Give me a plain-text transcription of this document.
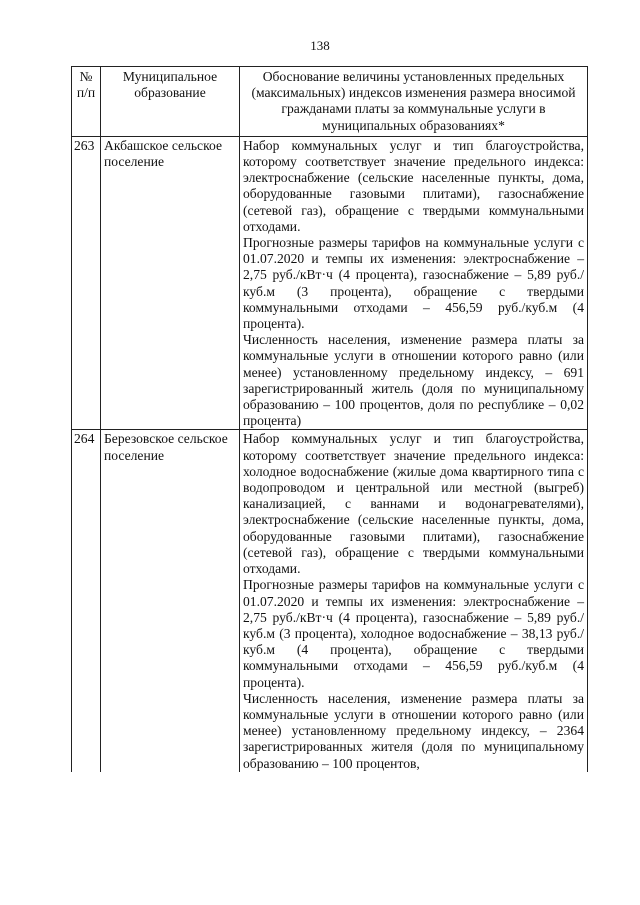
138
№ п/п	Муниципальное образование	Обоснование величины установленных предельных (максимальных) индексов изменения размера вносимой гражданами платы за коммунальные услуги в муниципальных образованиях*
263	Акбашское сельское поселение	Набор коммунальных услуг и тип благоустройства, которому соответствует значение предельного индекса: электроснабжение (сельские населенные пункты, дома, оборудованные газовыми плитами), газоснабжение (сетевой газ), обращение с твердыми коммунальными отходами.

Прогнозные размеры тарифов на коммунальные услуги с 01.07.2020 и темпы их изменения: электроснабжение – 2,75 руб./кВт·ч (4 процента), газоснабжение – 5,89 руб./куб.м (3 процента), обращение с твердыми коммунальными отходами – 456,59 руб./куб.м (4 процента).

Численность населения, изменение размера платы за коммунальные услуги в отношении которого равно (или менее) установленному предельному индексу, – 691 зарегистрированный житель (доля по муниципальному образованию – 100 процентов, доля по республике – 0,02 процента)

264	Березовское сельское поселение	Набор коммунальных услуг и тип благоустройства, которому соответствует значение предельного индекса: холодное водоснабжение (жилые дома квартирного типа с водопроводом и центральной или местной (выгреб) канализацией, с ваннами и водонагревателями), электроснабжение (сельские населенные пункты, дома, оборудованные газовыми плитами), газоснабжение (сетевой газ), обращение с твердыми коммунальными отходами.

Прогнозные размеры тарифов на коммунальные услуги с 01.07.2020 и темпы их изменения: электроснабжение – 2,75 руб./кВт·ч (4 процента), газоснабжение – 5,89 руб./куб.м (3 процента), холодное водоснабжение – 38,13 руб./куб.м (4 процента), обращение с твердыми коммунальными отходами – 456,59 руб./куб.м (4 процента).

Численность населения, изменение размера платы за коммунальные услуги в отношении которого равно (или менее) установленному предельному индексу, – 2364 зарегистрированных жителя (доля по муниципальному образованию – 100 процентов,
